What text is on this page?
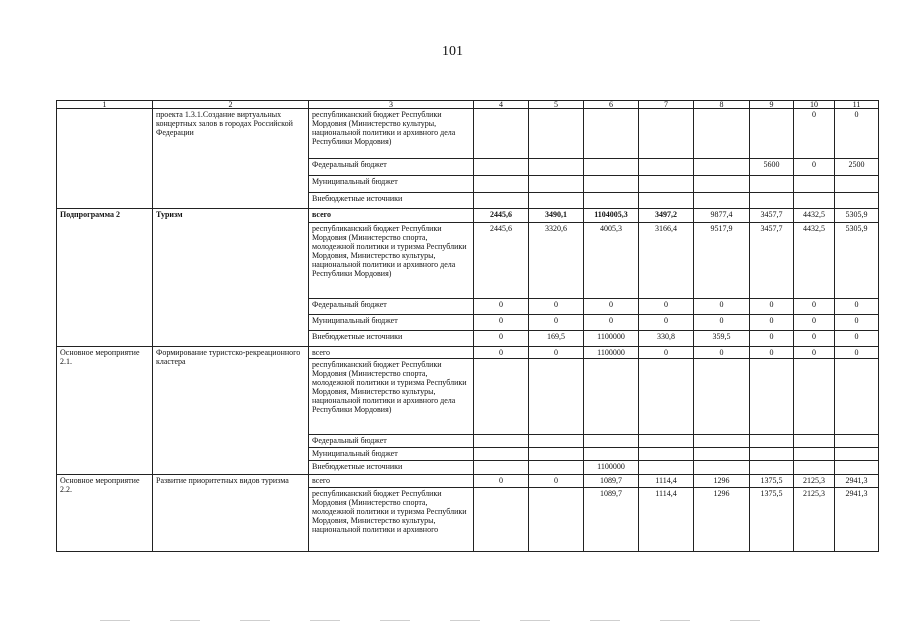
101
1	2	3	4	5	6	7	8	9	10	11
	проекта 1.3.1.Создание виртуальных концертных залов в городах Российской Федерации	республиканский бюджет Республики Мордовия (Министерство культуры, национальной политики и архивного дела Республики Мордовия)							0	0
		Федеральный бюджет						5600	0	2500
		Муниципальный бюджет								
		Внебюджетные источники								
Подпрограмма 2	Туризм	всего	2445,6	3490,1	1104005,3	3497,2	9877,4	3457,7	4432,5	5305,9
		республиканский бюджет Республики Мордовия (Министерство спорта, молодежной политики и туризма Республики Мордовия, Министерство культуры, национальной политики и архивного дела Республики Мордовия)	2445,6	3320,6	4005,3	3166,4	9517,9	3457,7	4432,5	5305,9
		Федеральный бюджет	0	0	0	0	0	0	0	0
		Муниципальный бюджет	0	0	0	0	0	0	0	0
		Внебюджетные источники	0	169,5	1100000	330,8	359,5	0	0	0
Основное мероприятие 2.1.	Формирование туристско-рекреационного кластера	всего	0	0	1100000	0	0	0	0	0
		республиканский бюджет Республики Мордовия (Министерство спорта, молодежной политики и туризма Республики Мордовия, Министерство культуры, национальной политики и архивного дела Республики Мордовия)								
		Федеральный бюджет								
		Муниципальный бюджет								
		Внебюджетные источники			1100000					
Основное мероприятие 2.2.	Развитие приоритетных видов туризма	всего	0	0	1089,7	1114,4	1296	1375,5	2125,3	2941,3
		республиканский бюджет Республики Мордовия (Министерство спорта, молодежной политики и туризма Республики Мордовия, Министерство культуры, национальной политики и архивного			1089,7	1114,4	1296	1375,5	2125,3	2941,3
